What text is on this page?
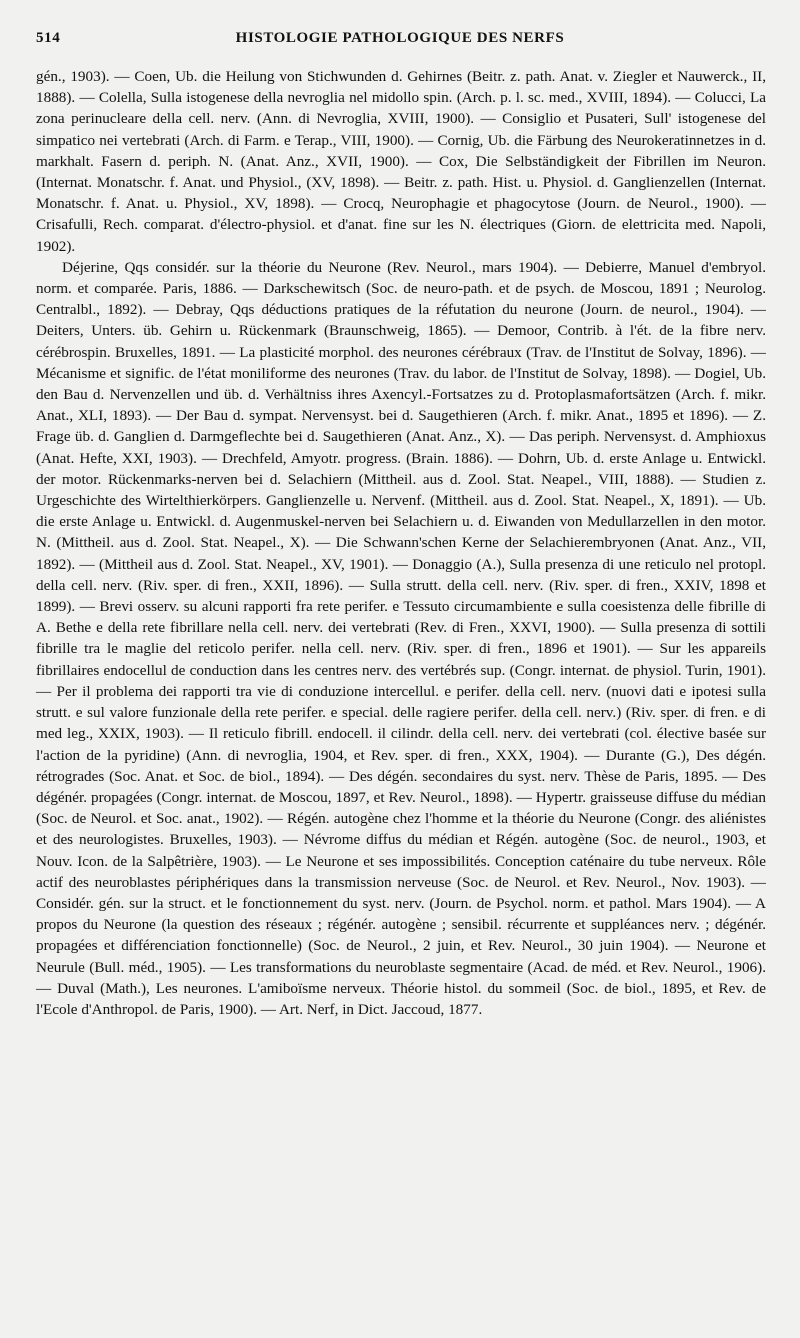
514	HISTOLOGIE PATHOLOGIQUE DES NERFS

gén., 1903). — Coen, Ub. die Heilung von Stichwunden d. Gehirnes (Beitr. z. path. Anat. v. Ziegler et Nauwerck., II, 1888). — Colella, Sulla istogenese della nevroglia nel midollo spin. (Arch. p. l. sc. med., XVIII, 1894). — Colucci, La zona perinucleare della cell. nerv. (Ann. di Nevroglia, XVIII, 1900). — Consiglio et Pusateri, Sull' istogenese del simpatico nei vertebrati (Arch. di Farm. e Terap., VIII, 1900). — Cornig, Ub. die Färbung des Neurokeratinnetzes in d. markhalt. Fasern d. periph. N. (Anat. Anz., XVII, 1900). — Cox, Die Selbständigkeit der Fibrillen im Neuron. (Internat. Monatschr. f. Anat. und Physiol., (XV, 1898). — Beitr. z. path. Hist. u. Physiol. d. Ganglienzellen (Internat. Monatschr. f. Anat. u. Physiol., XV, 1898). — Crocq, Neurophagie et phagocytose (Journ. de Neurol., 1900). — Crisafulli, Rech. comparat. d'électro-physiol. et d'anat. fine sur les N. électriques (Giorn. de elettricita med. Napoli, 1902).

Déjerine, Qqs considér. sur la théorie du Neurone (Rev. Neurol., mars 1904). — Debierre, Manuel d'embryol. norm. et comparée. Paris, 1886. — Darkschewitsch (Soc. de neuro-path. et de psych. de Moscou, 1891 ; Neurolog. Centralbl., 1892). — Debray, Qqs déductions pratiques de la réfutation du neurone (Journ. de neurol., 1904). — Deiters, Unters. üb. Gehirn u. Rückenmark (Braunschweig, 1865). — Demoor, Contrib. à l'ét. de la fibre nerv. cérébrospin. Bruxelles, 1891. — La plasticité morphol. des neurones cérébraux (Trav. de l'Institut de Solvay, 1896). — Mécanisme et signific. de l'état moniliforme des neurones (Trav. du labor. de l'Institut de Solvay, 1898). — Dogiel, Ub. den Bau d. Nervenzellen und üb. d. Verhältniss ihres Axencyl.-Fortsatzes zu d. Protoplasmafortsätzen (Arch. f. mikr. Anat., XLI, 1893). — Der Bau d. sympat. Nervensyst. bei d. Saugethieren (Arch. f. mikr. Anat., 1895 et 1896). — Z. Frage üb. d. Ganglien d. Darmgeflechte bei d. Saugethieren (Anat. Anz., X). — Das periph. Nervensyst. d. Amphioxus (Anat. Hefte, XXI, 1903). — Drechfeld, Amyotr. progress. (Brain. 1886). — Dohrn, Ub. d. erste Anlage u. Entwickl. der motor. Rückenmarks-nerven bei d. Selachiern (Mittheil. aus d. Zool. Stat. Neapel., VIII, 1888). — Studien z. Urgeschichte des Wirtelthierkörpers. Ganglienzelle u. Nervenf. (Mittheil. aus d. Zool. Stat. Neapel., X, 1891). — Ub. die erste Anlage u. Entwickl. d. Augenmuskel-nerven bei Selachiern u. d. Eiwanden von Medullarzellen in den motor. N. (Mittheil. aus d. Zool. Stat. Neapel., X). — Die Schwann'schen Kerne der Selachierembryonen (Anat. Anz., VII, 1892). — (Mittheil aus d. Zool. Stat. Neapel., XV, 1901). — Donaggio (A.), Sulla presenza di une reticulo nel protopl. della cell. nerv. (Riv. sper. di fren., XXII, 1896). — Sulla strutt. della cell. nerv. (Riv. sper. di fren., XXIV, 1898 et 1899). — Brevi osserv. su alcuni rapporti fra rete perifer. e Tessuto circumambiente e sulla coesistenza delle fibrille di A. Bethe e della rete fibrillare nella cell. nerv. dei vertebrati (Rev. di Fren., XXVI, 1900). — Sulla presenza di sottili fibrille tra le maglie del reticolo perifer. nella cell. nerv. (Riv. sper. di fren., 1896 et 1901). — Sur les appareils fibrillaires endocellul de conduction dans les centres nerv. des vertébrés sup. (Congr. internat. de physiol. Turin, 1901). — Per il problema dei rapporti tra vie di conduzione intercellul. e perifer. della cell. nerv. (nuovi dati e ipotesi sulla strutt. e sul valore funzionale della rete perifer. e special. delle ragiere perifer. della cell. nerv.) (Riv. sper. di fren. e di med leg., XXIX, 1903). — Il reticulo fibrill. endocell. il cilindr. della cell. nerv. dei vertebrati (col. élective basée sur l'action de la pyridine) (Ann. di nevroglia, 1904, et Rev. sper. di fren., XXX, 1904). — Durante (G.), Des dégén. rétrogrades (Soc. Anat. et Soc. de biol., 1894). — Des dégén. secondaires du syst. nerv. Thèse de Paris, 1895. — Des dégénér. propagées (Congr. internat. de Moscou, 1897, et Rev. Neurol., 1898). — Hypertr. graisseuse diffuse du médian (Soc. de Neurol. et Soc. anat., 1902). — Régén. autogène chez l'homme et la théorie du Neurone (Congr. des aliénistes et des neurologistes. Bruxelles, 1903). — Névrome diffus du médian et Régén. autogène (Soc. de neurol., 1903, et Nouv. Icon. de la Salpêtrière, 1903). — Le Neurone et ses impossibilités. Conception caténaire du tube nerveux. Rôle actif des neuroblastes périphériques dans la transmission nerveuse (Soc. de Neurol. et Rev. Neurol., Nov. 1903). — Considér. gén. sur la struct. et le fonctionnement du syst. nerv. (Journ. de Psychol. norm. et pathol. Mars 1904). — A propos du Neurone (la question des réseaux ; régénér. autogène ; sensibil. récurrente et suppléances nerv. ; dégénér. propagées et différenciation fonctionnelle) (Soc. de Neurol., 2 juin, et Rev. Neurol., 30 juin 1904). — Neurone et Neurule (Bull. méd., 1905). — Les transformations du neuroblaste segmentaire (Acad. de méd. et Rev. Neurol., 1906). — Duval (Math.), Les neurones. L'amiboïsme nerveux. Théorie histol. du sommeil (Soc. de biol., 1895, et Rev. de l'Ecole d'Anthropol. de Paris, 1900). — Art. Nerf, in Dict. Jaccoud, 1877.
